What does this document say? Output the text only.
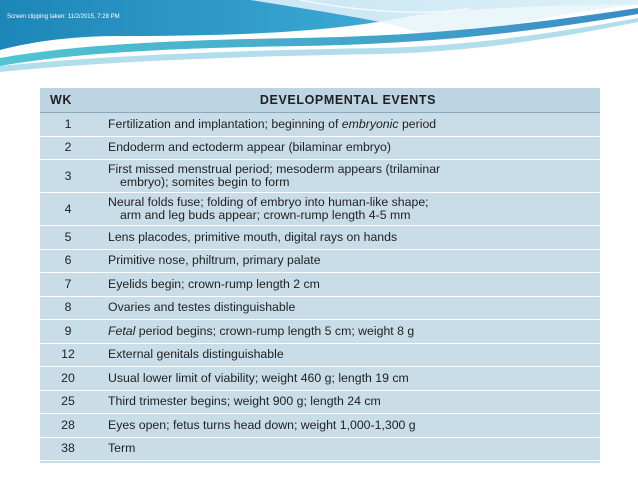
Screen clipping taken: 11/2/2015, 7:28 PM
WK	DEVELOPMENTAL EVENTS
1	Fertilization and implantation; beginning of embryonic period
2	Endoderm and ectoderm appear (bilaminar embryo)
3	First missed menstrual period; mesoderm appears (trilaminar
embryo); somites begin to form

4	Neural folds fuse; folding of embryo into human-like shape;
arm and leg buds appear; crown-rump length 4-5 mm

5	Lens placodes, primitive mouth, digital rays on hands
6	Primitive nose, philtrum, primary palate
7	Eyelids begin; crown-rump length 2 cm
8	Ovaries and testes distinguishable
9	Fetal period begins; crown-rump length 5 cm; weight 8 g
12	External genitals distinguishable
20	Usual lower limit of viability; weight 460 g; length 19 cm
25	Third trimester begins; weight 900 g; length 24 cm
28	Eyes open; fetus turns head down; weight 1,000-1,300 g
38	Term
